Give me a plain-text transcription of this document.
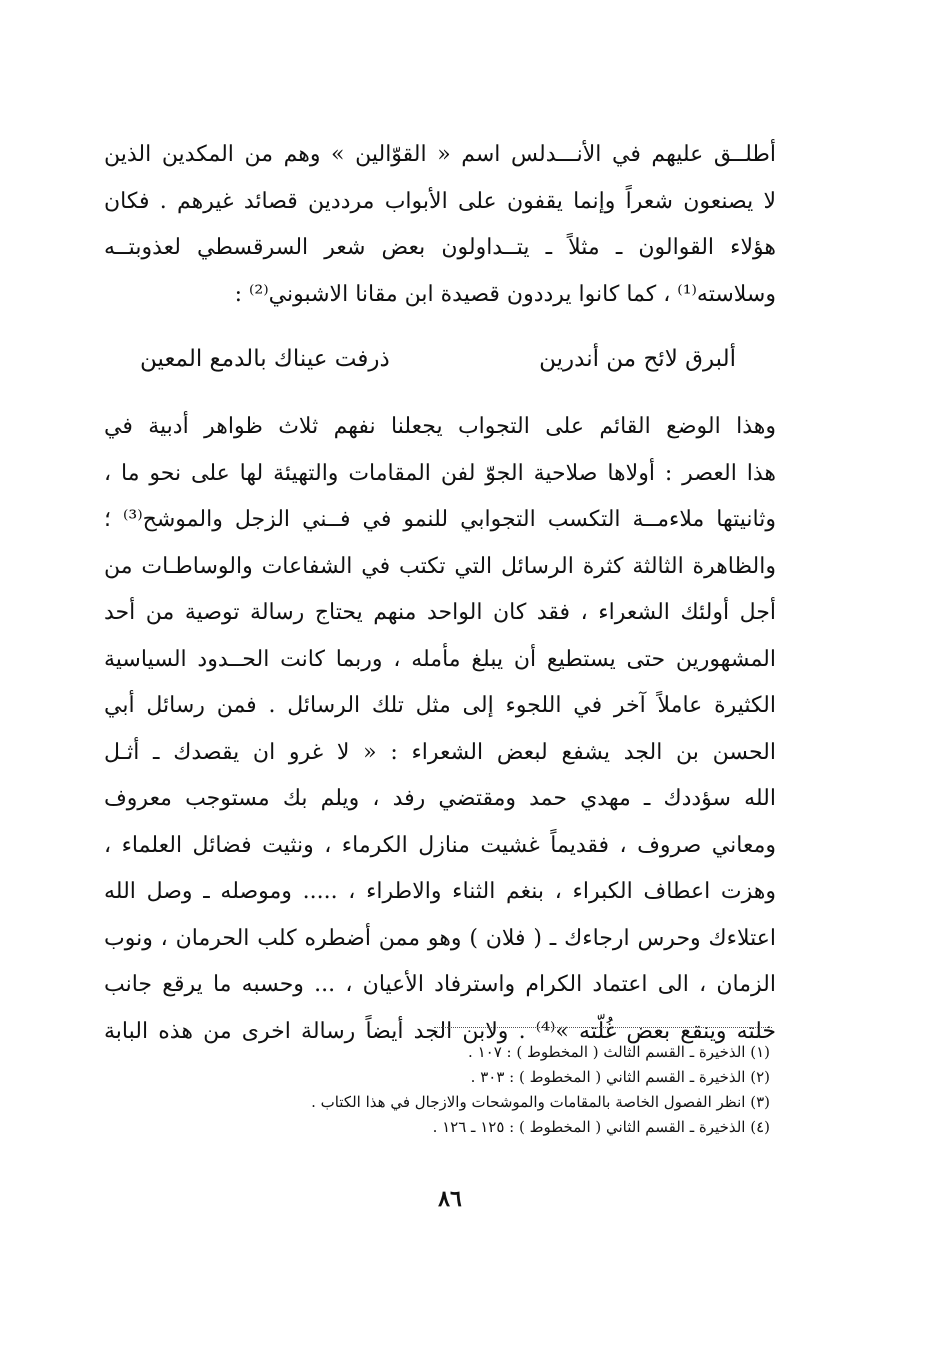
أطلــق عليهم في الأنـــدلس اسم « القوّالين » وهم من المكدين الذين
لا يصنعون شعراً وإنما يقفون على الأبواب مرددين قصائد غيرهم . فكان
هؤلاء القوالون ـ مثلاً ـ يتــداولون بعض شعر السرقسطي لعذوبتــه
وسلاسته⁽¹⁾ ، كما كانوا يرددون قصيدة ابن مقانا الاشبوني⁽²⁾ :
ألبرق لائح من أندرين
ذرفت عيناك بالدمع المعين
وهذا الوضع القائم على التجواب يجعلنا نفهم ثلاث ظواهر أدبية في
هذا العصر : أولاها صلاحية الجوّ لفن المقامات والتهيئة لها على نحو ما ،
وثانيتها ملاءمــة التكسب التجوابي للنمو في فــني الزجل والموشح⁽³⁾ ؛
والظاهرة الثالثة كثرة الرسائل التي تكتب في الشفاعات والوساطـات من
أجل أولئك الشعراء ، فقد كان الواحد منهم يحتاج رسالة توصية من أحد
المشهورين حتى يستطيع أن يبلغ مأمله ، وربما كانت الحــدود السياسية
الكثيرة عاملاً آخر في اللجوء إلى مثل تلك الرسائل . فمن رسائل أبي
الحسن بن الجد يشفع لبعض الشعراء : « لا غرو ان يقصدك ـ أثـل
الله سؤددك ـ مهدي حمد ومقتضي رفد ، ويلم بك مستوجب معروف
ومعاني صروف ، فقديماً غشيت منازل الكرماء ، ونثيت فضائل العلماء ،
وهزت اعطاف الكبراء ، بنغم الثناء والاطراء ، ..... وموصله ـ وصل الله
اعتلاءك وحرس ارجاءك ـ ( فلان ) وهو ممن أضطره كلب الحرمان ، ونوب
الزمان ، الى اعتماد الكرام واسترفاد الأعيان ، ... وحسبه ما يرقع جانب
خلته وينقع بعض غُلّته »⁽⁴⁾ . ولابن الجد أيضاً رسالة اخرى من هذه البابة
(١) الذخيرة ـ القسم الثالث ( المخطوط ) : ١٠٧ .
(٢) الذخيرة ـ القسم الثاني ( المخطوط ) : ٣٠٣ .
(٣) انظر الفصول الخاصة بالمقامات والموشحات والازجال في هذا الكتاب .
(٤) الذخيرة ـ القسم الثاني ( المخطوط ) : ١٢٥ ـ ١٢٦ .
٨٦
